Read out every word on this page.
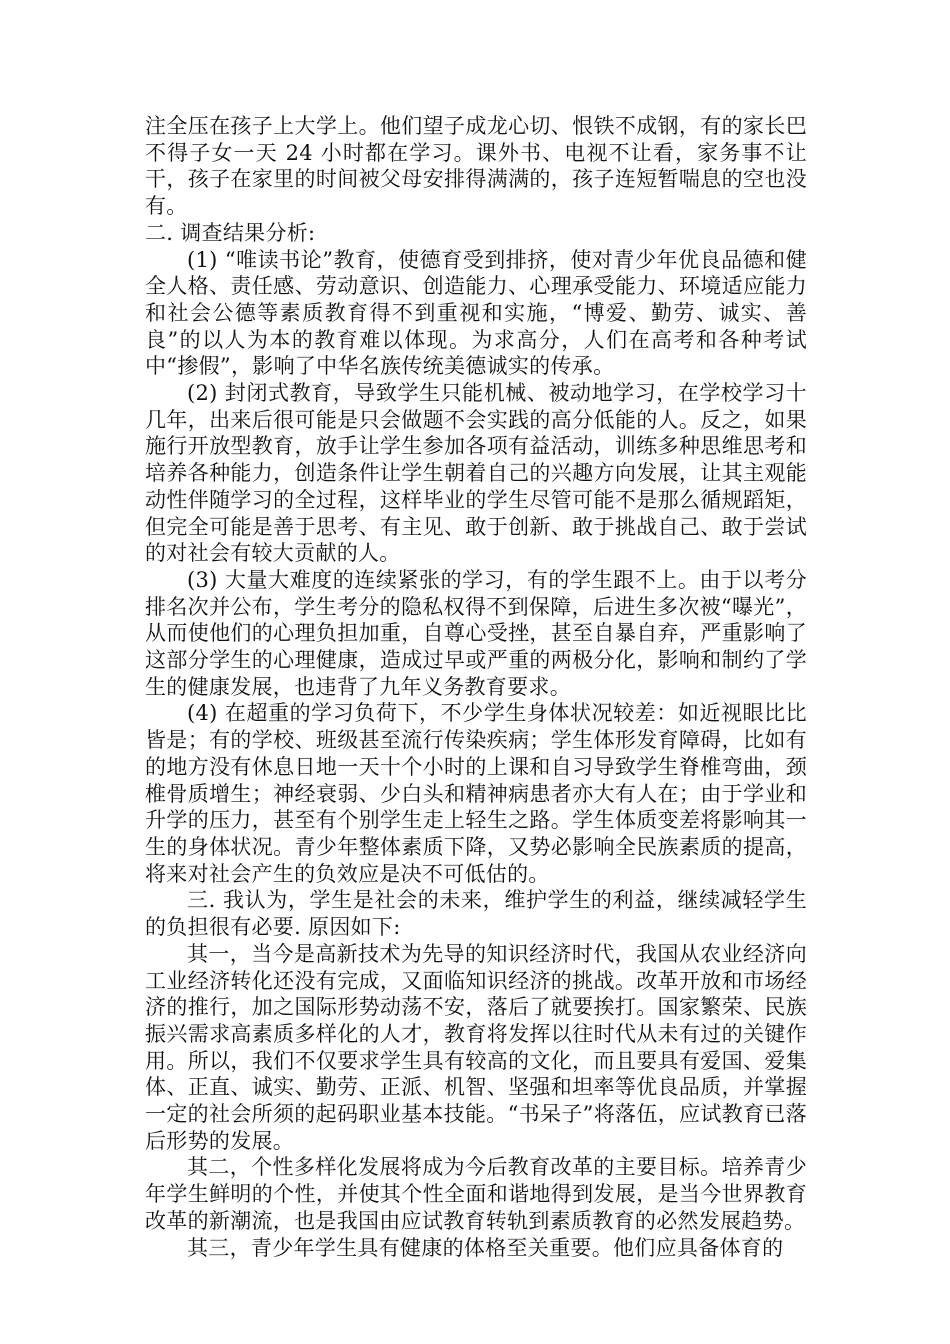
注全压在孩子上大学上。他们望子成龙心切、恨铁不成钢，有的家长巴不得子女一天 24 小时都在学习。课外书、电视不让看，家务事不让干，孩子在家里的时间被父母安排得满满的，孩子连短暂喘息的空也没有。

二. 调查结果分析:

(1) “唯读书论”教育，使德育受到排挤，使对青少年优良品德和健全人格、责任感、劳动意识、创造能力、心理承受能力、环境适应能力和社会公德等素质教育得不到重视和实施，“博爱、勤劳、诚实、善良”的以人为本的教育难以体现。为求高分，人们在高考和各种考试中“掺假”，影响了中华名族传统美德诚实的传承。

(2) 封闭式教育，导致学生只能机械、被动地学习，在学校学习十几年，出来后很可能是只会做题不会实践的高分低能的人。反之，如果施行开放型教育，放手让学生参加各项有益活动，训练多种思维思考和培养各种能力，创造条件让学生朝着自己的兴趣方向发展，让其主观能动性伴随学习的全过程，这样毕业的学生尽管可能不是那么循规蹈矩，但完全可能是善于思考、有主见、敢于创新、敢于挑战自己、敢于尝试的对社会有较大贡献的人。

(3) 大量大难度的连续紧张的学习，有的学生跟不上。由于以考分排名次并公布，学生考分的隐私权得不到保障，后进生多次被“曝光”，从而使他们的心理负担加重，自尊心受挫，甚至自暴自弃，严重影响了这部分学生的心理健康，造成过早或严重的两极分化，影响和制约了学生的健康发展，也违背了九年义务教育要求。

(4) 在超重的学习负荷下，不少学生身体状况较差：如近视眼比比皆是；有的学校、班级甚至流行传染疾病；学生体形发育障碍，比如有的地方没有休息日地一天十个小时的上课和自习导致学生脊椎弯曲，颈椎骨质增生；神经衰弱、少白头和精神病患者亦大有人在；由于学业和升学的压力，甚至有个别学生走上轻生之路。学生体质变差将影响其一生的身体状况。青少年整体素质下降，又势必影响全民族素质的提高，将来对社会产生的负效应是决不可低估的。

三. 我认为，学生是社会的未来，维护学生的利益，继续减轻学生的负担很有必要. 原因如下:

其一，当今是高新技术为先导的知识经济时代，我国从农业经济向工业经济转化还没有完成，又面临知识经济的挑战。改革开放和市场经济的推行，加之国际形势动荡不安，落后了就要挨打。国家繁荣、民族振兴需求高素质多样化的人才，教育将发挥以往时代从未有过的关键作用。所以，我们不仅要求学生具有较高的文化，而且要具有爱国、爱集体、正直、诚实、勤劳、正派、机智、坚强和坦率等优良品质，并掌握一定的社会所须的起码职业基本技能。“书呆子”将落伍，应试教育已落后形势的发展。

其二，个性多样化发展将成为今后教育改革的主要目标。培养青少年学生鲜明的个性，并使其个性全面和谐地得到发展，是当今世界教育改革的新潮流，也是我国由应试教育转轨到素质教育的必然发展趋势。

其三，青少年学生具有健康的体格至关重要。他们应具备体育的
